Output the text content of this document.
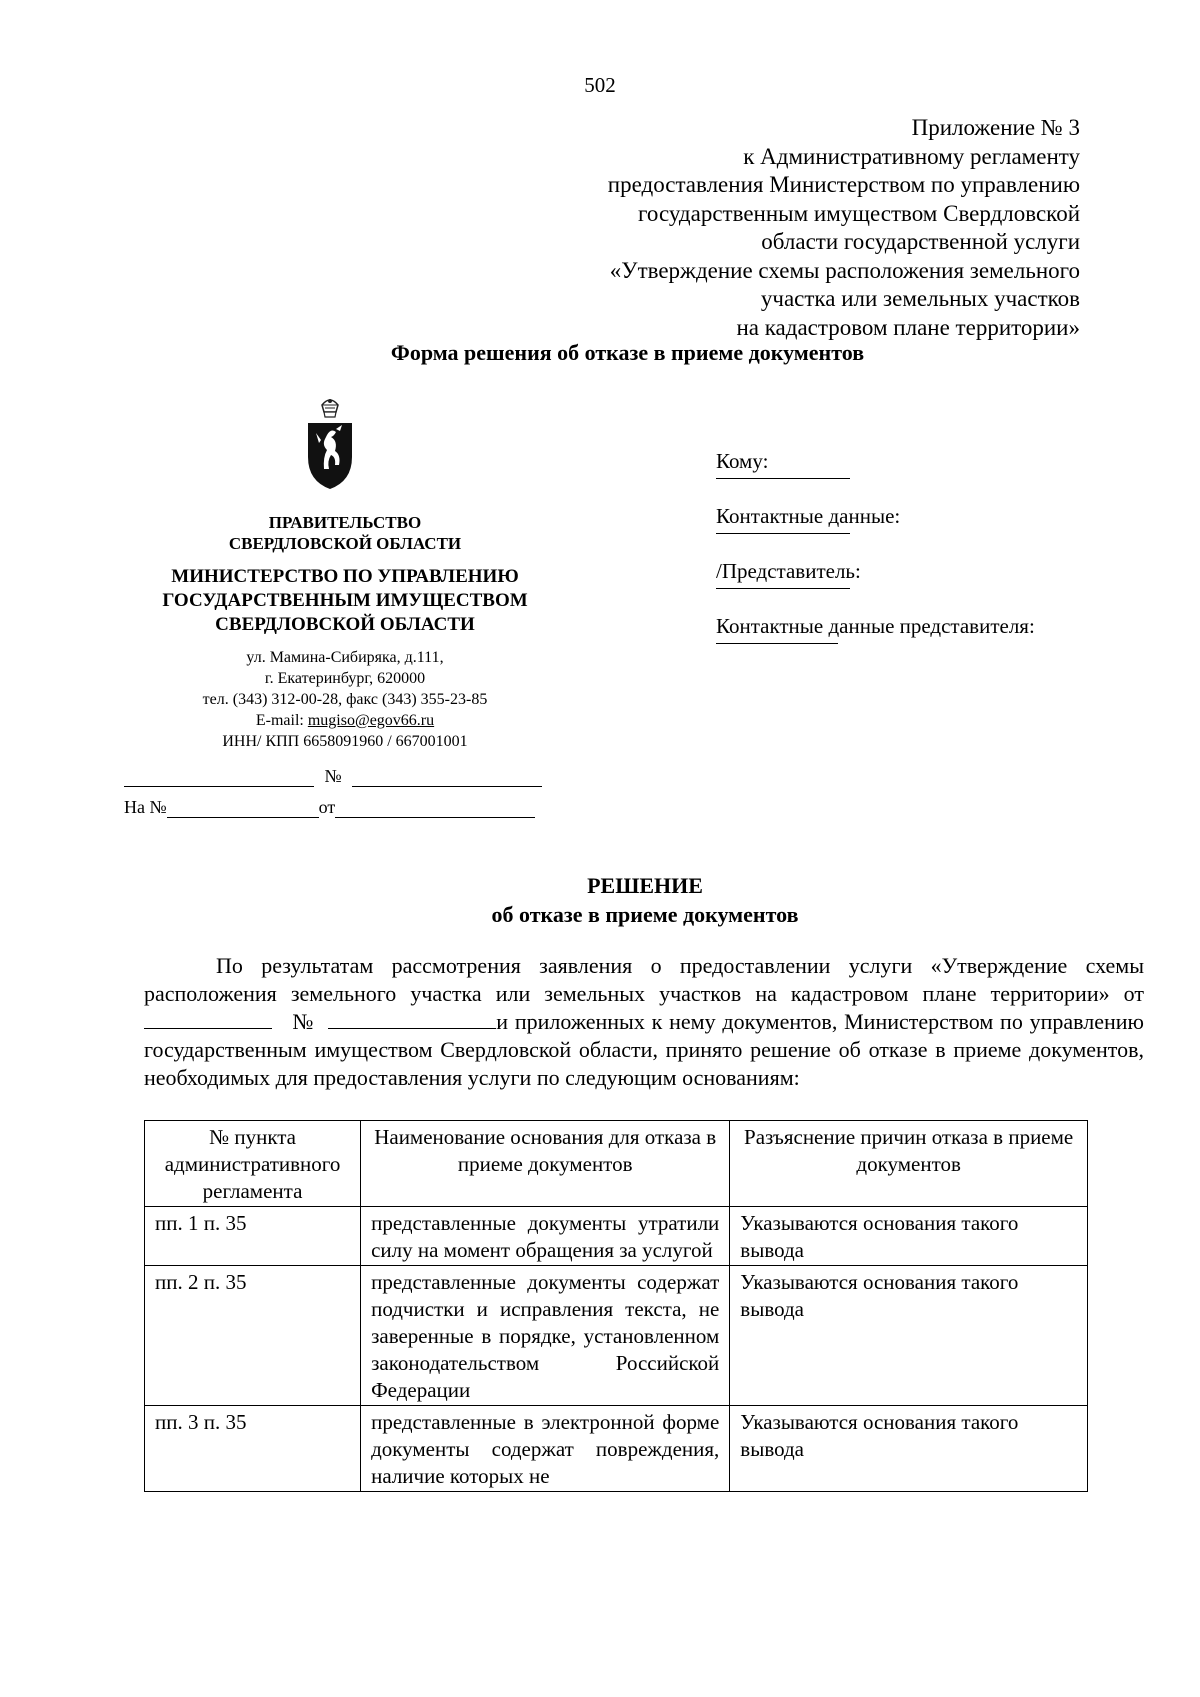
502
Приложение № 3
к Административному регламенту
предоставления Министерством по управлению
государственным имуществом Свердловской
области государственной услуги
«Утверждение схемы расположения земельного
участка или земельных участков
на кадастровом плане территории»
Форма решения об отказе в приеме документов
ПРАВИТЕЛЬСТВО
СВЕРДЛОВСКОЙ ОБЛАСТИ
МИНИСТЕРСТВО ПО УПРАВЛЕНИЮ
ГОСУДАРСТВЕННЫМ ИМУЩЕСТВОМ
СВЕРДЛОВСКОЙ ОБЛАСТИ
ул. Мамина-Сибиряка, д.111,
г. Екатеринбург, 620000
тел. (343) 312-00-28, факс (343) 355-23-85
E-mail: mugiso@egov66.ru
ИНН/ КПП 6658091960 / 667001001
№
На №	от
Кому:
Контактные данные:
/Представитель:
Контактные данные представителя:
РЕШЕНИЕ
об отказе в приеме документов

По результатам рассмотрения заявления о предоставлении услуги «Утверждение схемы расположения земельного участка или земельных участков на кадастровом плане территории» от    №	и приложенных к нему документов, Министерством по управлению государственным имуществом Свердловской области, принято решение об отказе в приеме документов, необходимых для предоставления услуги по следующим основаниям:

№ пункта административного регламента	Наименование основания для отказа в приеме документов	Разъяснение причин отказа в приеме документов
пп. 1 п. 35	представленные документы утратили силу на момент обращения за услугой	Указываются основания такого вывода
пп. 2 п. 35	представленные документы содержат подчистки и исправления текста, не заверенные в порядке, установленном законодательством Российской Федерации	Указываются основания такого вывода
пп. 3 п. 35	представленные в электронной форме документы содержат повреждения, наличие которых не	Указываются основания такого вывода
